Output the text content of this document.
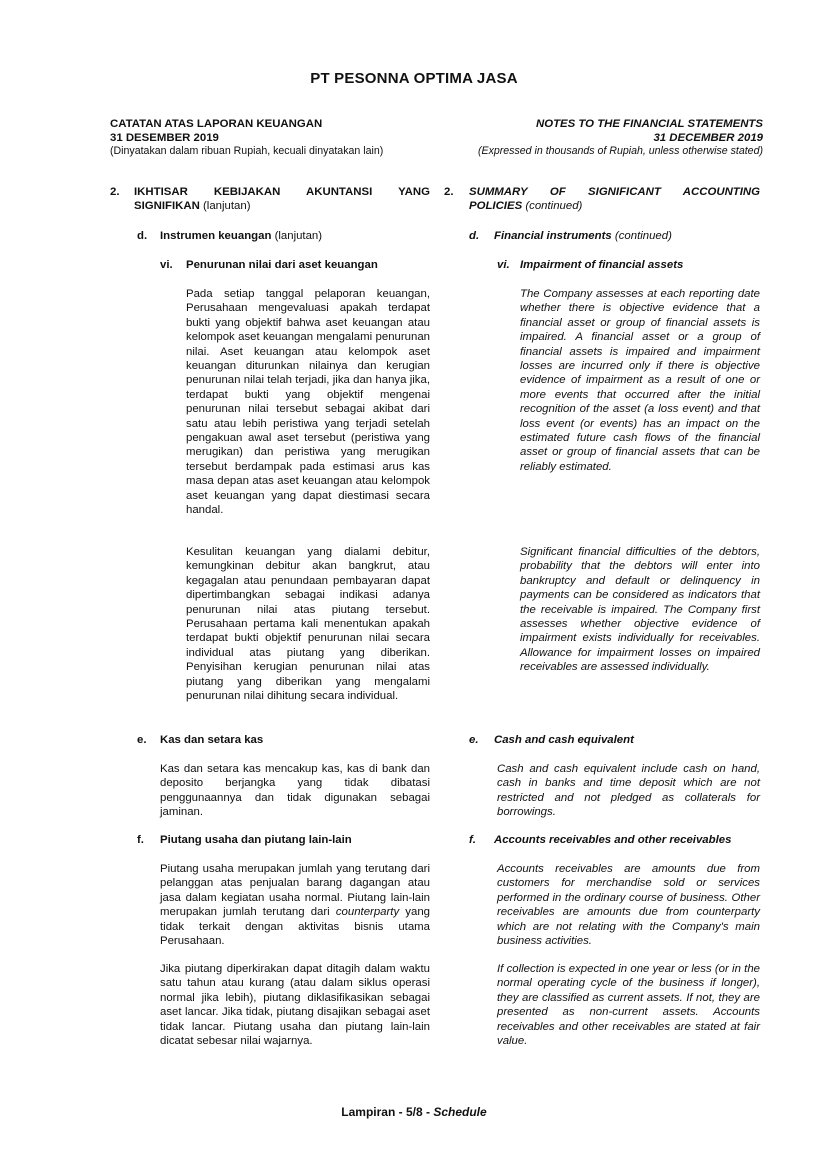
PT PESONNA OPTIMA JASA
CATATAN ATAS LAPORAN KEUANGAN
31 DESEMBER 2019
(Dinyatakan dalam ribuan Rupiah, kecuali dinyatakan lain)
NOTES TO THE FINANCIAL STATEMENTS
31 DECEMBER 2019
(Expressed in thousands of Rupiah, unless otherwise stated)
2. IKHTISAR KEBIJAKAN AKUNTANSI YANG
SIGNIFIKAN (lanjutan)
2. SUMMARY OF SIGNIFICANT ACCOUNTING
POLICIES (continued)
d. Instrumen keuangan (lanjutan)	d. Financial instruments (continued)
vi. Penurunan nilai dari aset keuangan	vi. Impairment of financial assets
Pada setiap tanggal pelaporan keuangan, Perusahaan mengevaluasi apakah terdapat bukti yang objektif bahwa aset keuangan atau kelompok aset keuangan mengalami penurunan nilai. Aset keuangan atau kelompok aset keuangan diturunkan nilainya dan kerugian penurunan nilai telah terjadi, jika dan hanya jika, terdapat bukti yang objektif mengenai penurunan nilai tersebut sebagai akibat dari satu atau lebih peristiwa yang terjadi setelah pengakuan awal aset tersebut (peristiwa yang merugikan) dan peristiwa yang merugikan tersebut berdampak pada estimasi arus kas masa depan atas aset keuangan atau kelompok aset keuangan yang dapat diestimasi secara handal.
The Company assesses at each reporting date whether there is objective evidence that a financial asset or group of financial assets is impaired. A financial asset or a group of financial assets is impaired and impairment losses are incurred only if there is objective evidence of impairment as a result of one or more events that occurred after the initial recognition of the asset (a loss event) and that loss event (or events) has an impact on the estimated future cash flows of the financial asset or group of financial assets that can be reliably estimated.
Kesulitan keuangan yang dialami debitur, kemungkinan debitur akan bangkrut, atau kegagalan atau penundaan pembayaran dapat dipertimbangkan sebagai indikasi adanya penurunan nilai atas piutang tersebut. Perusahaan pertama kali menentukan apakah terdapat bukti objektif penurunan nilai secara individual atas piutang yang diberikan. Penyisihan kerugian penurunan nilai atas piutang yang diberikan yang mengalami penurunan nilai dihitung secara individual.
Significant financial difficulties of the debtors, probability that the debtors will enter into bankruptcy and default or delinquency in payments can be considered as indicators that the receivable is impaired. The Company first assesses whether objective evidence of impairment exists individually for receivables. Allowance for impairment losses on impaired receivables are assessed individually.
e. Kas dan setara kas	e. Cash and cash equivalent
Kas dan setara kas mencakup kas, kas di bank dan deposito berjangka yang tidak dibatasi penggunaannya dan tidak digunakan sebagai jaminan.
Cash and cash equivalent include cash on hand, cash in banks and time deposit which are not restricted and not pledged as collaterals for borrowings.
f. Piutang usaha dan piutang lain-lain	f. Accounts receivables and other receivables
Piutang usaha merupakan jumlah yang terutang dari pelanggan atas penjualan barang dagangan atau jasa dalam kegiatan usaha normal. Piutang lain-lain merupakan jumlah terutang dari counterparty yang tidak terkait dengan aktivitas bisnis utama Perusahaan.
Accounts receivables are amounts due from customers for merchandise sold or services performed in the ordinary course of business. Other receivables are amounts due from counterparty which are not relating with the Company's main business activities.
Jika piutang diperkirakan dapat ditagih dalam waktu satu tahun atau kurang (atau dalam siklus operasi normal jika lebih), piutang diklasifikasikan sebagai aset lancar. Jika tidak, piutang disajikan sebagai aset tidak lancar. Piutang usaha dan piutang lain-lain dicatat sebesar nilai wajarnya.
If collection is expected in one year or less (or in the normal operating cycle of the business if longer), they are classified as current assets. If not, they are presented as non-current assets. Accounts receivables and other receivables are stated at fair value.
Lampiran - 5/8 - Schedule
